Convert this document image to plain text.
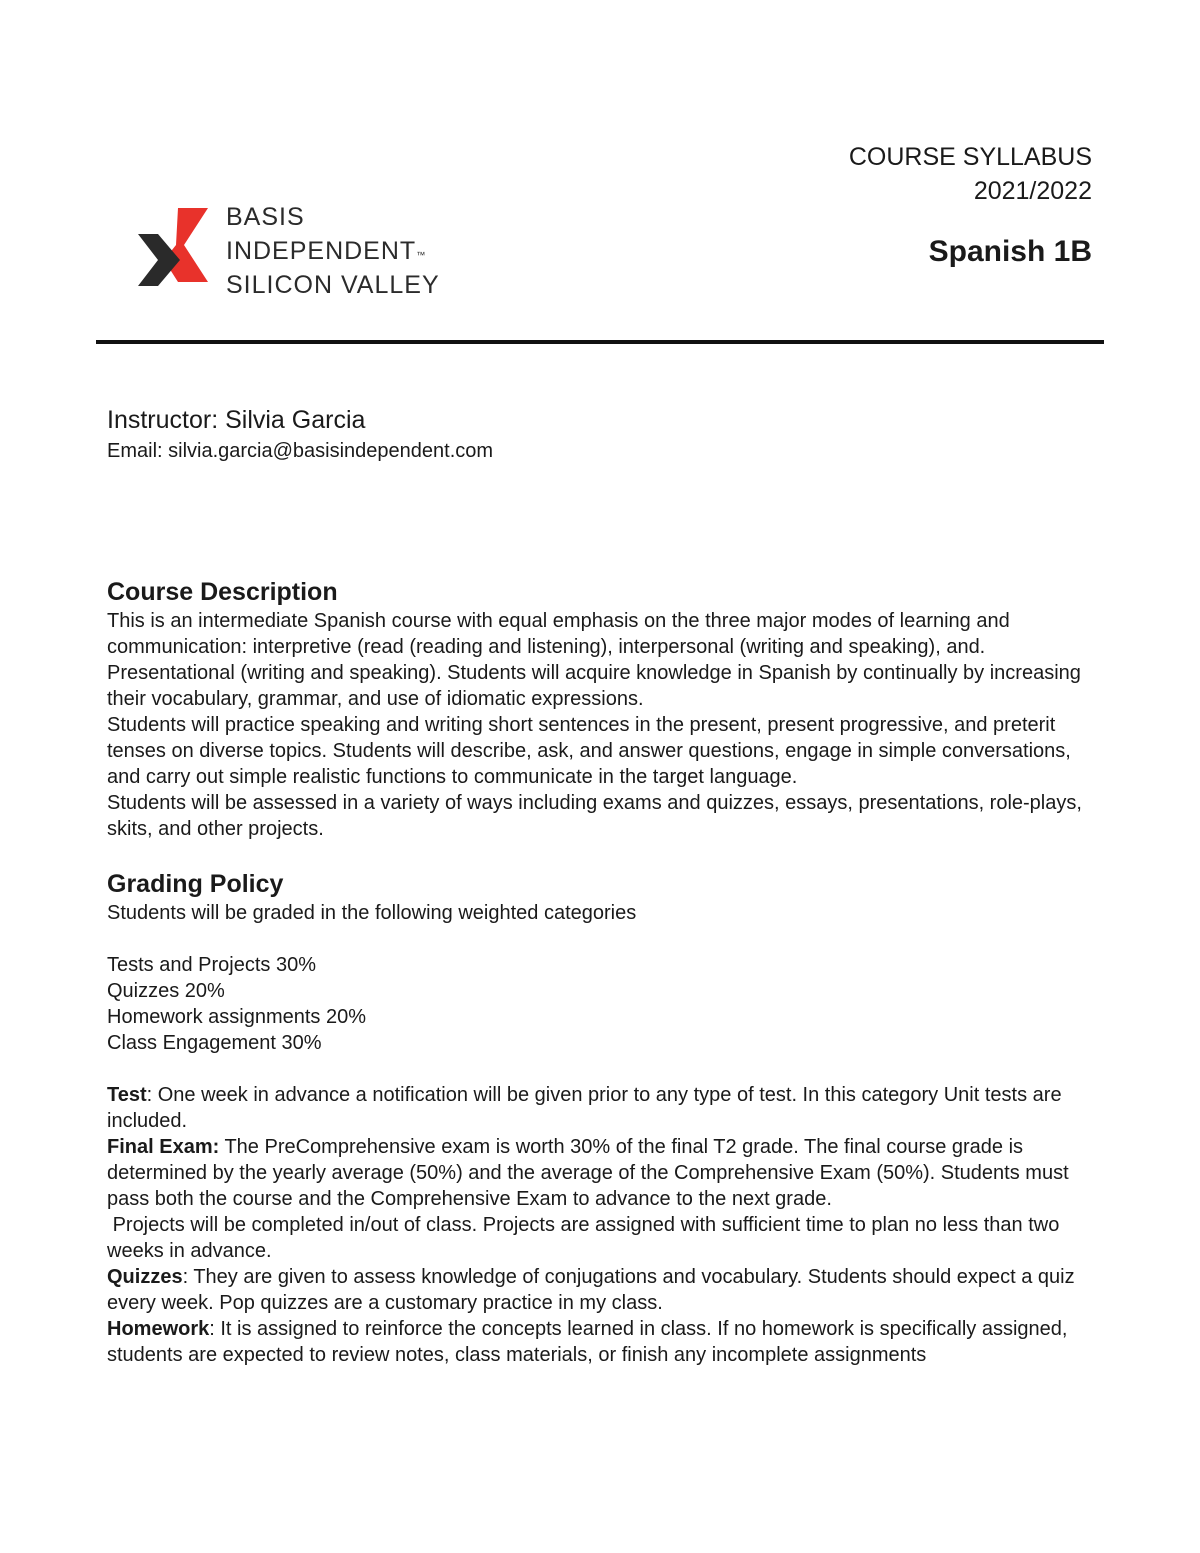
COURSE SYLLABUS
2021/2022
Spanish 1B
BASIS
INDEPENDENT™
SILICON VALLEY
Instructor: Silvia Garcia
Email: silvia.garcia@basisindependent.com
Course Description

This is an intermediate Spanish course with equal emphasis on the three major modes of learning and communication: interpretive (read (reading and listening), interpersonal (writing and speaking), and. Presentational (writing and speaking). Students will acquire knowledge in Spanish by continually by increasing their vocabulary, grammar, and use of idiomatic expressions.

Students will practice speaking and writing short sentences in the present, present progressive, and preterit tenses on diverse topics. Students will describe, ask, and answer questions, engage in simple conversations, and carry out simple realistic functions to communicate in the target language.

Students will be assessed in a variety of ways including exams and quizzes, essays, presentations, role-plays, skits, and other projects.

Grading Policy

Students will be graded in the following weighted categories

Tests and Projects 30%

Quizzes 20%

Homework assignments 20%

Class Engagement 30%

Test: One week in advance a notification will be given prior to any type of test. In this category Unit tests are included.

Final Exam: The PreComprehensive exam is worth 30% of the final T2 grade. The final course grade is determined by the yearly average (50%) and the average of the Comprehensive Exam (50%). Students must pass both the course and the Comprehensive Exam to advance to the next grade.

Projects will be completed in/out of class. Projects are assigned with sufficient time to plan no less than two weeks in advance.

Quizzes: They are given to assess knowledge of conjugations and vocabulary. Students should expect a quiz every week. Pop quizzes are a customary practice in my class.

Homework: It is assigned to reinforce the concepts learned in class. If no homework is specifically assigned, students are expected to review notes, class materials, or finish any incomplete assignments
